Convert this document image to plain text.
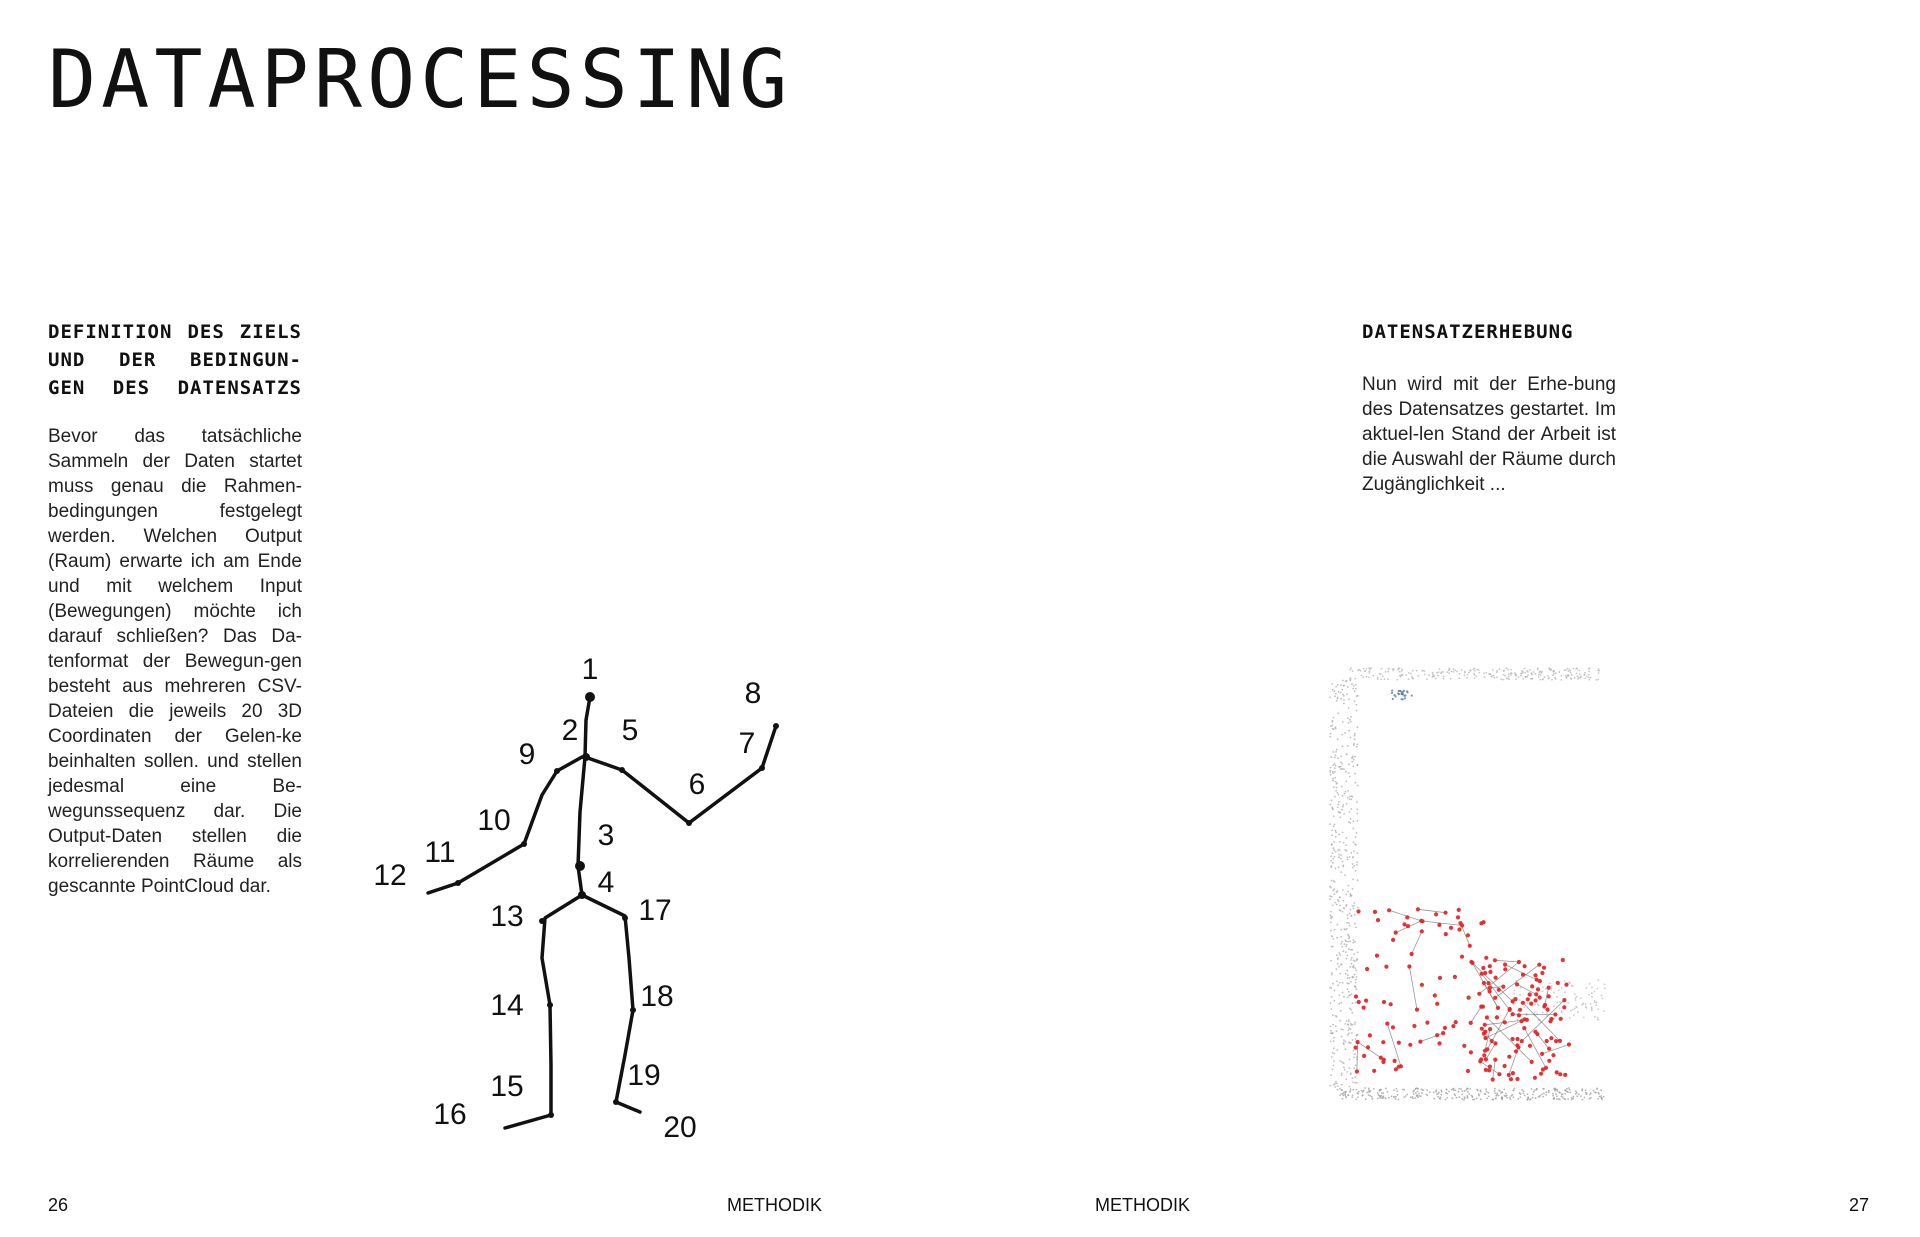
DATAPROCESSING
DEFINITION DES ZIELS
UND DER BEDINGUN-
GEN DES DATENSATZS

Bevor das tatsächliche Sammeln der Daten startet muss genau die Rahmen-bedingungen festgelegt werden. Welchen Output (Raum) erwarte ich am Ende und mit welchem Input (Bewegungen) möchte ich darauf schließen? Das Da-tenformat der Bewegun-gen besteht aus mehreren CSV-Dateien die jeweils 20 3D Coordinaten der Gelen-ke beinhalten sollen. und stellen jedesmal eine Be-wegunssequenz dar. Die Output-Daten stellen die korrelierenden Räume als gescannte PointCloud dar.

1
2
3
4
5
6
7
8
9
10
11
12
13
14
15
16
17
18
19
20
26	METHODIK
DATENSATZERHEBUNG

Nun wird mit der Erhe-bung des Datensatzes gestartet. Im aktuel-len Stand der Arbeit ist die Auswahl der Räume durch Zugänglichkeit ...

METHODIK	27
